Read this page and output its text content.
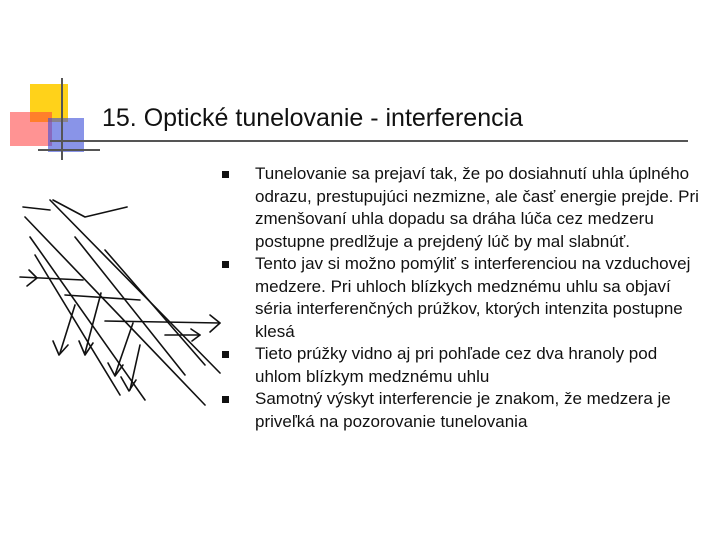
15. Optické tunelovanie - interferencia
Tunelovanie sa prejaví tak, že po dosiahnutí uhla úplného odrazu, prestupujúci nezmizne, ale časť energie prejde. Pri zmenšovaní uhla dopadu sa dráha lúča cez medzeru postupne predlžuje a prejdený lúč by mal slabnúť.
Tento jav si možno pomýliť s interferenciou na vzduchovej medzere. Pri uhloch blízkych medznému uhlu sa objaví séria interferenčných prúžkov, ktorých intenzita postupne klesá
Tieto prúžky vidno aj pri pohľade cez dva hranoly pod uhlom blízkym medznému uhlu
Samotný výskyt interferencie je znakom, že medzera je priveľká na pozorovanie tunelovania
